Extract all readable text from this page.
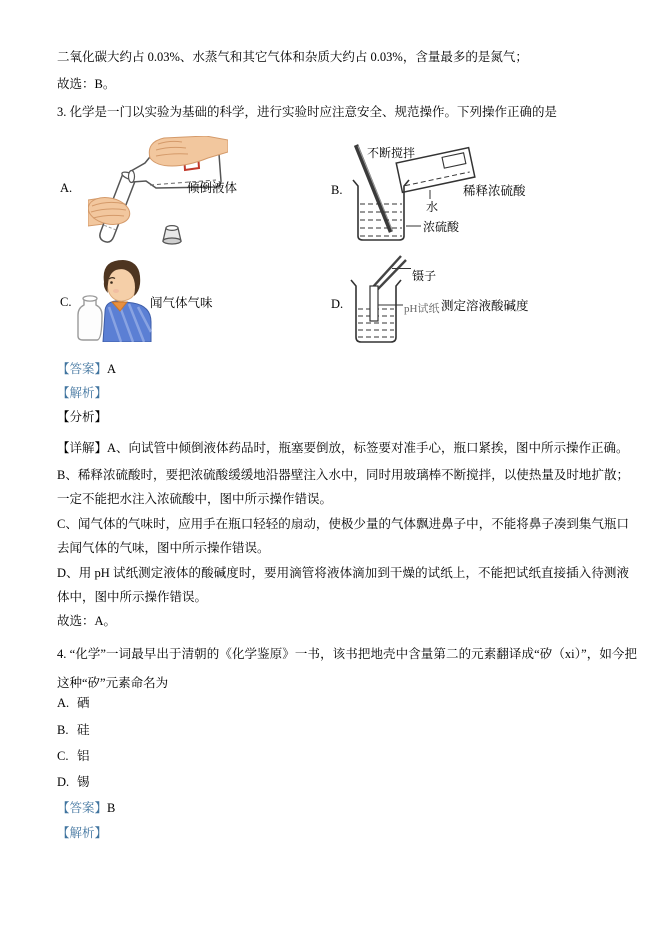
二氧化碳大约占 0.03%、水蒸气和其它气体和杂质大约占 0.03%，含量最多的是氮气；
故选：B。
3. 化学是一门以实验为基础的科学，进行实验时应注意安全、规范操作。下列操作正确的是
A.	倾倒液体	B.
不断搅拌
水
浓硫酸
稀释浓硫酸
C.	闻气体气味	D.
镊子
pH试纸 测定溶液酸碱度
【答案】A
【解析】
【分析】
【详解】A、向试管中倾倒液体药品时，瓶塞要倒放，标签要对准手心，瓶口紧挨，图中所示操作正确。
B、稀释浓硫酸时，要把浓硫酸缓缓地沿器壁注入水中，同时用玻璃棒不断搅拌，以使热量及时地扩散；一定不能把水注入浓硫酸中，图中所示操作错误。
C、闻气体的气味时，应用手在瓶口轻轻的扇动，使极少量的气体飘进鼻子中，不能将鼻子凑到集气瓶口去闻气体的气味，图中所示操作错误。
D、用 pH 试纸测定液体的酸碱度时，要用滴管将液体滴加到干燥的试纸上，不能把试纸直接插入待测液体中，图中所示操作错误。
故选：A。
4. “化学”一词最早出于清朝的《化学鉴原》一书，该书把地壳中含量第二的元素翻译成“矽（xi）”，如今把这种“矽”元素命名为
A. 硒
B. 硅
C. 铝
D. 锡
【答案】B
【解析】
